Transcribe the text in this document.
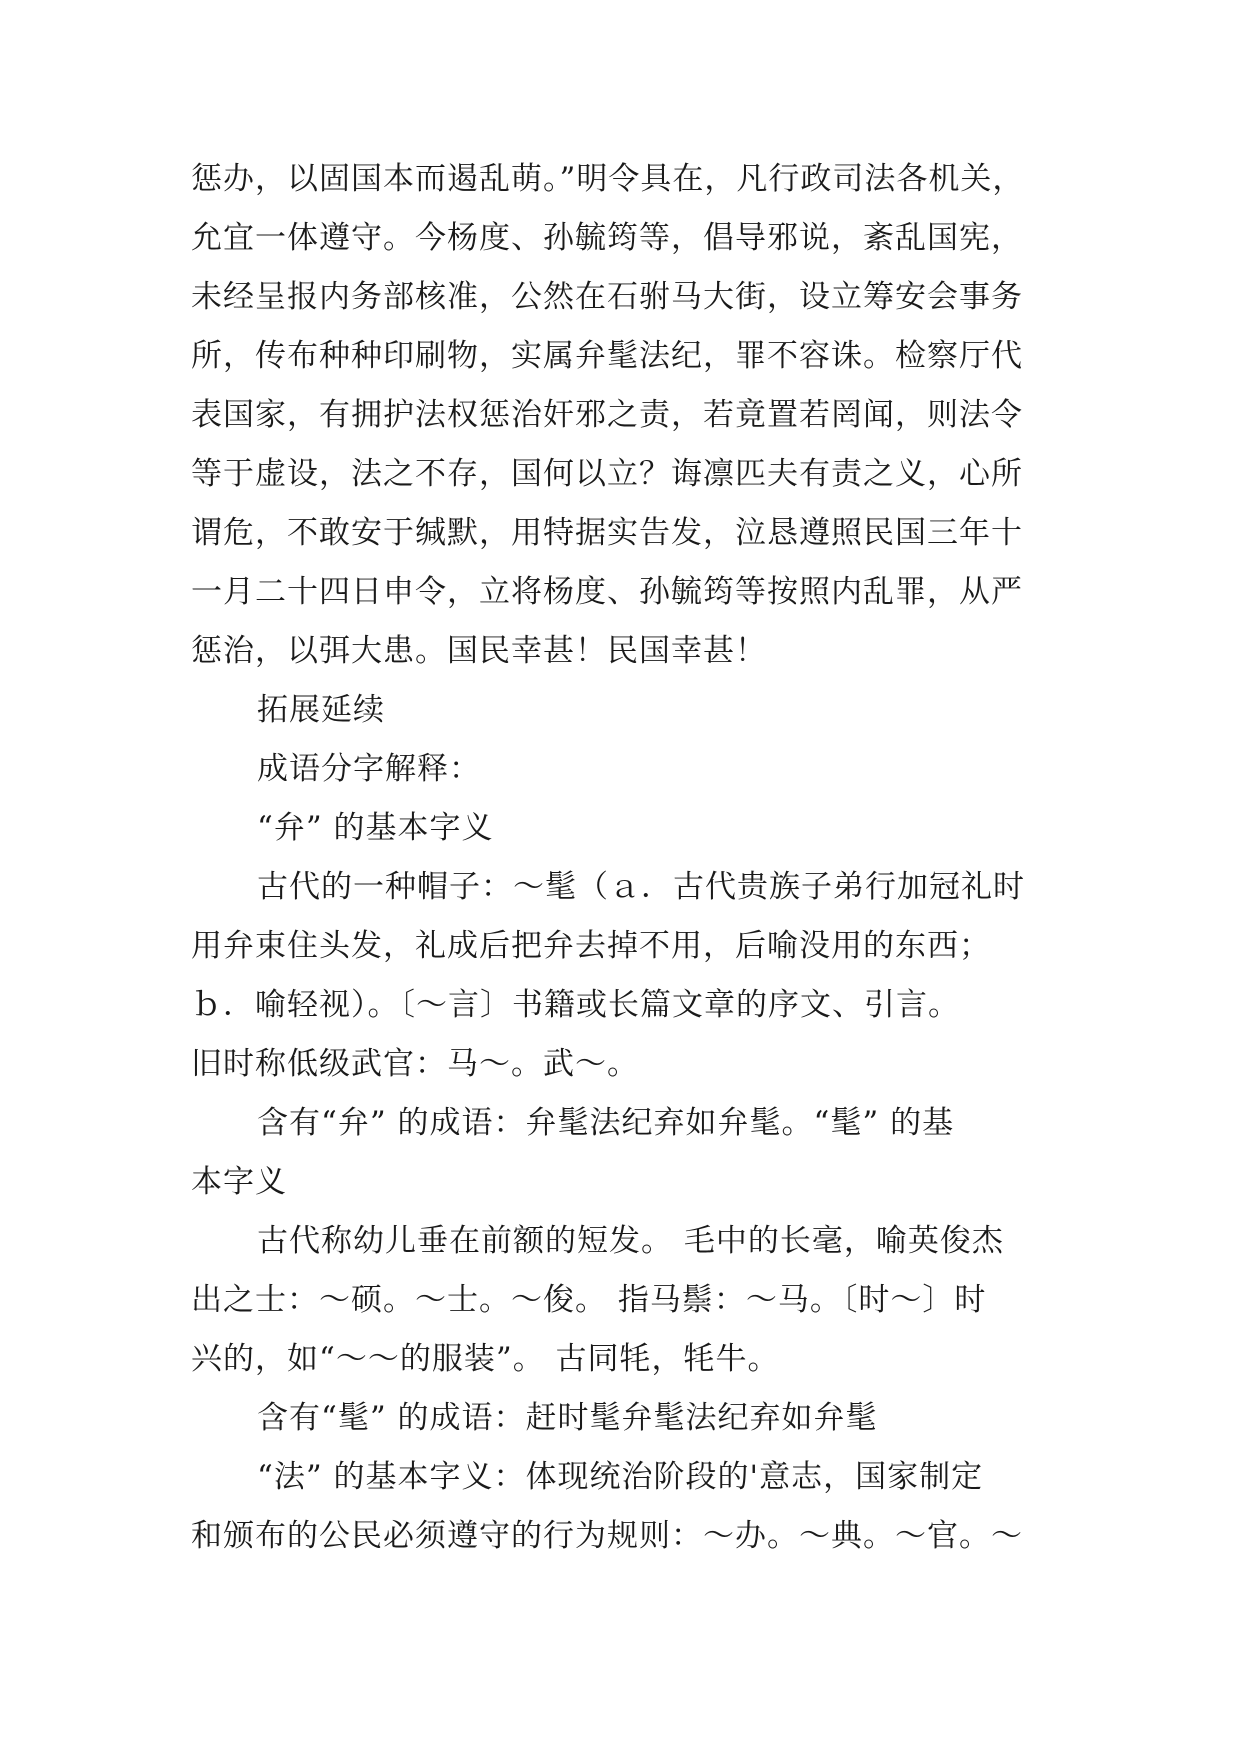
惩办，以固国本而遏乱萌。”明令具在，凡行政司法各机关，
允宜一体遵守。今杨度、孙毓筠等，倡导邪说，紊乱国宪，
未经呈报内务部核准，公然在石驸马大街，设立筹安会事务
所，传布种种印刷物，实属弁髦法纪，罪不容诛。检察厅代
表国家，有拥护法权惩治奸邪之责，若竟置若罔闻，则法令
等于虚设，法之不存，国何以立？诲凛匹夫有责之义，心所
谓危，不敢安于缄默，用特据实告发，泣恳遵照民国三年十
一月二十四日申令，立将杨度、孙毓筠等按照内乱罪，从严
惩治，以弭大患。国民幸甚！民国幸甚！
拓展延续
成语分字解释：
“弁” 的基本字义
古代的一种帽子：～髦（ａ．古代贵族子弟行加冠礼时
用弁束住头发，礼成后把弁去掉不用，后喻没用的东西；
ｂ．喻轻视）。〔～言〕书籍或长篇文章的序文、引言。
旧时称低级武官：马～。武～。
含有“弁” 的成语：弁髦法纪弃如弁髦。“髦” 的基
本字义
古代称幼儿垂在前额的短发。 毛中的长毫，喻英俊杰
出之士：～硕。～士。～俊。 指马鬃：～马。〔时～〕时
兴的，如“～～的服装”。 古同牦，牦牛。
含有“髦” 的成语：赶时髦弁髦法纪弃如弁髦
“法” 的基本字义：体现统治阶段的'意志，国家制定
和颁布的公民必须遵守的行为规则：～办。～典。～官。～
